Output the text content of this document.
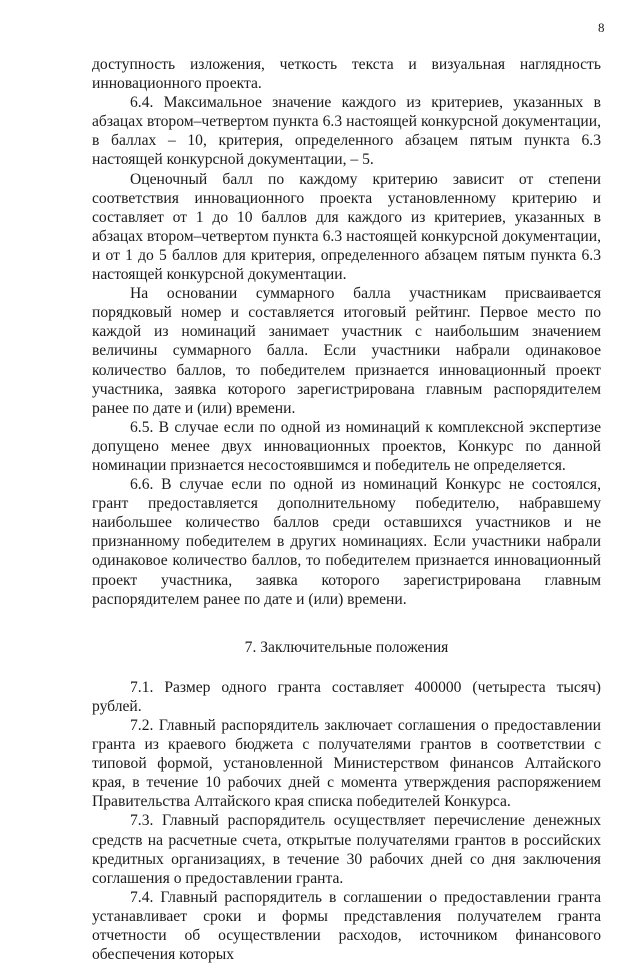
8

доступность изложения, четкость текста и визуальная наглядность инновационного проекта.

6.4. Максимальное значение каждого из критериев, указанных в абзацах втором–четвертом пункта 6.3 настоящей конкурсной документации, в баллах – 10, критерия, определенного абзацем пятым пункта 6.3 настоящей конкурсной документации, – 5.

Оценочный балл по каждому критерию зависит от степени соответствия инновационного проекта установленному критерию и составляет от 1 до 10 баллов для каждого из критериев, указанных в абзацах втором–четвертом пункта 6.3 настоящей конкурсной документации, и от 1 до 5 баллов для критерия, определенного абзацем пятым пункта 6.3 настоящей конкурсной документации.

На основании суммарного балла участникам присваивается порядковый номер и составляется итоговый рейтинг. Первое место по каждой из номинаций занимает участник с наибольшим значением величины суммарного балла. Если участники набрали одинаковое количество баллов, то победителем признается инновационный проект участника, заявка которого зарегистрирована главным распорядителем ранее по дате и (или) времени.

6.5. В случае если по одной из номинаций к комплексной экспертизе допущено менее двух инновационных проектов, Конкурс по данной номинации признается несостоявшимся и победитель не определяется.

6.6. В случае если по одной из номинаций Конкурс не состоялся, грант предоставляется дополнительному победителю, набравшему наибольшее количество баллов среди оставшихся участников и не признанному победителем в других номинациях. Если участники набрали одинаковое количество баллов, то победителем признается инновационный проект участника, заявка которого зарегистрирована главным распорядителем ранее по дате и (или) времени.

7. Заключительные положения

7.1. Размер одного гранта составляет 400000 (четыреста тысяч) рублей.

7.2. Главный распорядитель заключает соглашения о предоставлении гранта из краевого бюджета с получателями грантов в соответствии с типовой формой, установленной Министерством финансов Алтайского края, в течение 10 рабочих дней с момента утверждения распоряжением Правительства Алтайского края списка победителей Конкурса.

7.3. Главный распорядитель осуществляет перечисление денежных средств на расчетные счета, открытые получателями грантов в российских кредитных организациях, в течение 30 рабочих дней со дня заключения соглашения о предоставлении гранта.

7.4. Главный распорядитель в соглашении о предоставлении гранта устанавливает сроки и формы представления получателем гранта отчетности об осуществлении расходов, источником финансового обеспечения которых
